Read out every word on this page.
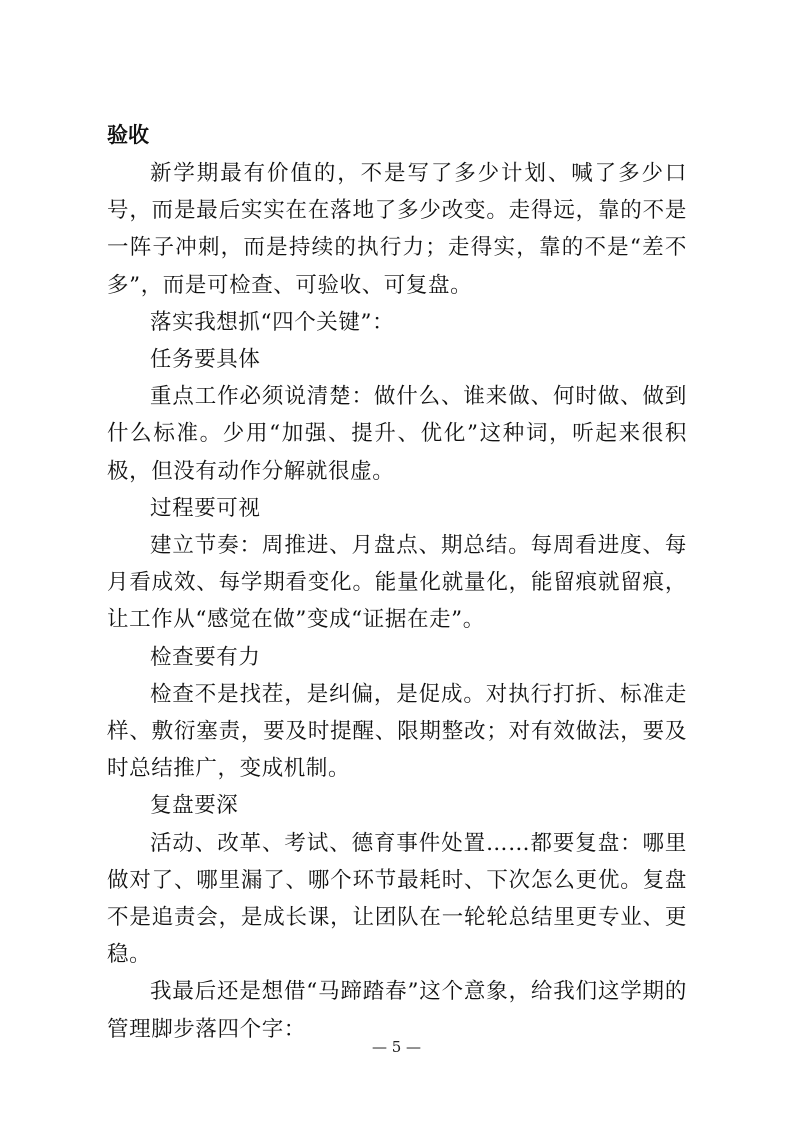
验收

新学期最有价值的，不是写了多少计划、喊了多少口号，而是最后实实在在落地了多少改变。走得远，靠的不是一阵子冲刺，而是持续的执行力；走得实，靠的不是“差不多”，而是可检查、可验收、可复盘。

落实我想抓“四个关键”：

任务要具体

重点工作必须说清楚：做什么、谁来做、何时做、做到什么标准。少用“加强、提升、优化”这种词，听起来很积极，但没有动作分解就很虚。

过程要可视

建立节奏：周推进、月盘点、期总结。每周看进度、每月看成效、每学期看变化。能量化就量化，能留痕就留痕，让工作从“感觉在做”变成“证据在走”。

检查要有力

检查不是找茬，是纠偏，是促成。对执行打折、标准走样、敷衍塞责，要及时提醒、限期整改；对有效做法，要及时总结推广，变成机制。

复盘要深

活动、改革、考试、德育事件处置……都要复盘：哪里做对了、哪里漏了、哪个环节最耗时、下次怎么更优。复盘不是追责会，是成长课，让团队在一轮轮总结里更专业、更稳。

我最后还是想借“马蹄踏春”这个意象，给我们这学期的管理脚步落四个字：

— 5 —
